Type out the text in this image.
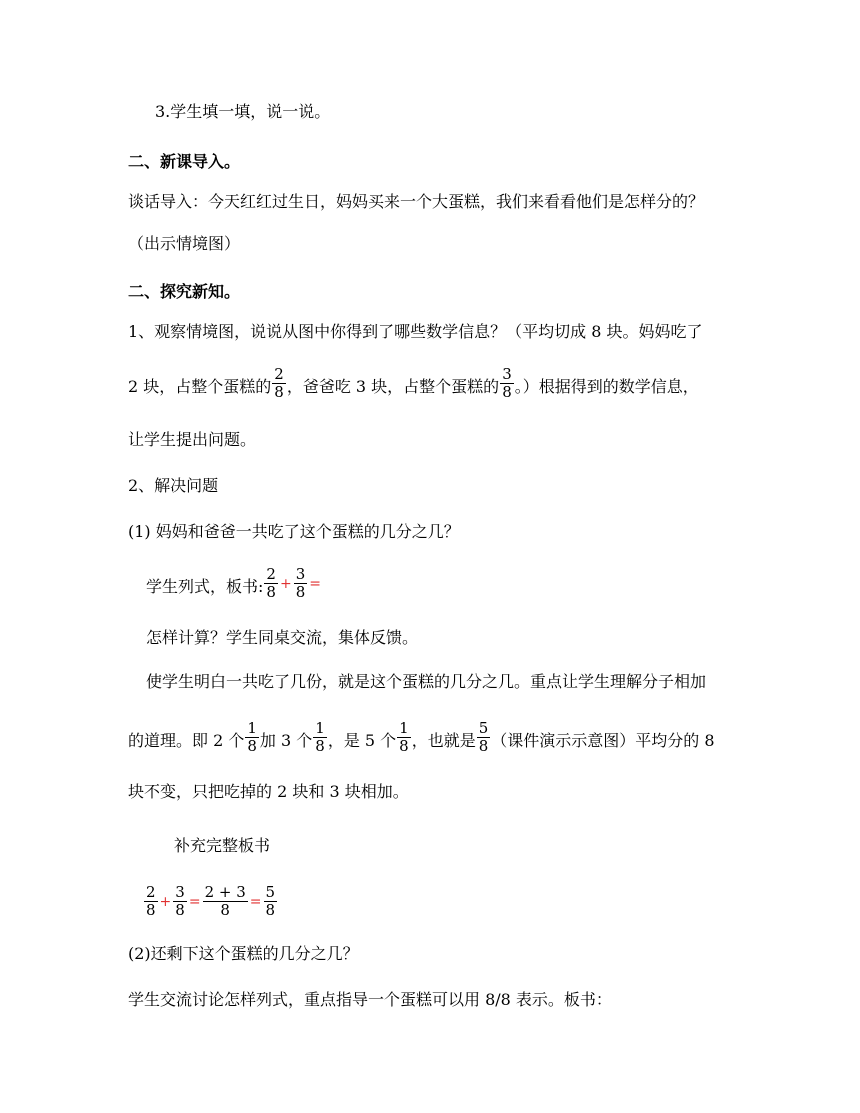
3.学生填一填，说一说。
二、新课导入。
谈话导入：今天红红过生日，妈妈买来一个大蛋糕，我们来看看他们是怎样分的？
（出示情境图）
二、探究新知。
1、观察情境图，说说从图中你得到了哪些数学信息？（平均切成 8 块。妈妈吃了
2 块，占整个蛋糕的 $\frac{2}{8}$ ，爸爸吃 3 块，占整个蛋糕的 $\frac{3}{8}$ 。）根据得到的数学信息，
让学生提出问题。
2、解决问题
(1) 妈妈和爸爸一共吃了这个蛋糕的几分之几？
学生列式，板书: $\frac{2}{8} + \frac{3}{8}$ =
怎样计算？学生同桌交流，集体反馈。
使学生明白一共吃了几份，就是这个蛋糕的几分之几。重点让学生理解分子相加
的道理。即 2 个 $\frac{1}{8}$ 加 3 个 $\frac{1}{8}$ ，是 5 个 $\frac{1}{8}$ ，也就是 $\frac{5}{8}$ （课件演示示意图）平均分的 8
块不变，只把吃掉的 2 块和 3 块相加。
补充完整板书
$\frac{2}{8} + \frac{3}{8} = \frac{2 + 3}{8} = \frac{5}{8}$
(2)还剩下这个蛋糕的几分之几？
学生交流讨论怎样列式，重点指导一个蛋糕可以用 8/8 表示。板书：
